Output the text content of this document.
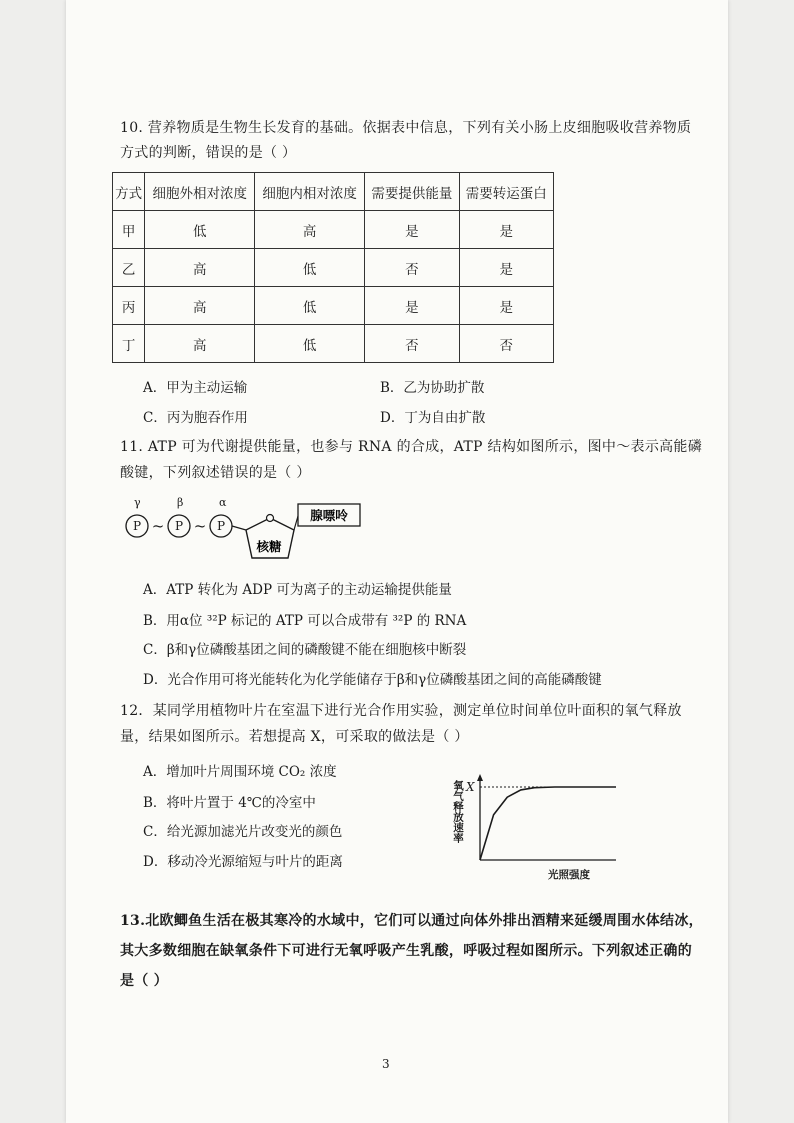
10. 营养物质是生物生长发育的基础。依据表中信息，下列有关小肠上皮细胞吸收营养物质
方式的判断，错误的是（ ）
方式	细胞外相对浓度	细胞内相对浓度	需要提供能量	需要转运蛋白
甲	低	高	是	是
乙	高	低	否	是
丙	高	低	是	是
丁	高	低	否	否
A．甲为主动运输	B．乙为协助扩散
C．丙为胞吞作用	D．丁为自由扩散
11. ATP 可为代谢提供能量，也参与 RNA 的合成，ATP 结构如图所示，图中～表示高能磷
酸键，下列叙述错误的是（ ）
γ	β	α
P	P	P
~ ~
核糖
腺嘌呤
A．ATP 转化为 ADP 可为离子的主动运输提供能量
B．用α位 ³²P 标记的 ATP 可以合成带有 ³²P 的 RNA
C．β和γ位磷酸基团之间的磷酸键不能在细胞核中断裂
D．光合作用可将光能转化为化学能储存于β和γ位磷酸基团之间的高能磷酸键
12．某同学用植物叶片在室温下进行光合作用实验，测定单位时间单位叶面积的氧气释放
量，结果如图所示。若想提高 X，可采取的做法是（ ）
A．增加叶片周围环境 CO₂ 浓度
B．将叶片置于 4℃的冷室中
C．给光源加滤光片改变光的颜色
D．移动冷光源缩短与叶片的距离
氧气释放速率
光照强度
X
13.北欧鲫鱼生活在极其寒冷的水域中，它们可以通过向体外排出酒精来延缓周围水体结冰，
其大多数细胞在缺氧条件下可进行无氧呼吸产生乳酸，呼吸过程如图所示。下列叙述正确的
是（ ）
3
